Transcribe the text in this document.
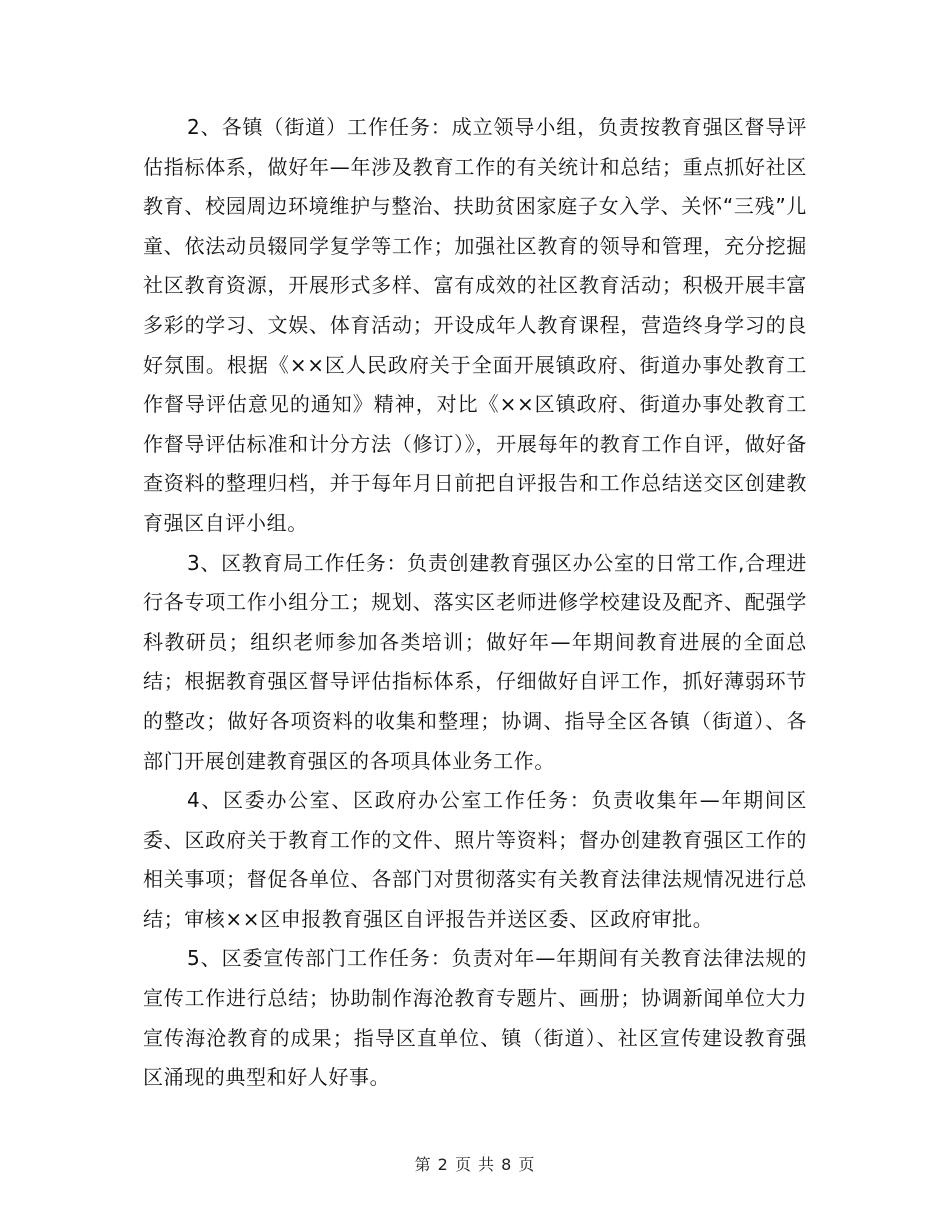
2、各镇（街道）工作任务：成立领导小组，负责按教育强区督导评估指标体系，做好年—年涉及教育工作的有关统计和总结；重点抓好社区教育、校园周边环境维护与整治、扶助贫困家庭子女入学、关怀“三残”儿童、依法动员辍同学复学等工作；加强社区教育的领导和管理，充分挖掘社区教育资源，开展形式多样、富有成效的社区教育活动；积极开展丰富多彩的学习、文娱、体育活动；开设成年人教育课程，营造终身学习的良好氛围。根据《××区人民政府关于全面开展镇政府、街道办事处教育工作督导评估意见的通知》精神，对比《××区镇政府、街道办事处教育工作督导评估标准和计分方法（修订）》，开展每年的教育工作自评，做好备查资料的整理归档，并于每年月日前把自评报告和工作总结送交区创建教育强区自评小组。

3、区教育局工作任务：负责创建教育强区办公室的日常工作,合理进行各专项工作小组分工；规划、落实区老师进修学校建设及配齐、配强学科教研员；组织老师参加各类培训；做好年—年期间教育进展的全面总结；根据教育强区督导评估指标体系，仔细做好自评工作，抓好薄弱环节的整改；做好各项资料的收集和整理；协调、指导全区各镇（街道）、各部门开展创建教育强区的各项具体业务工作。

4、区委办公室、区政府办公室工作任务：负责收集年—年期间区委、区政府关于教育工作的文件、照片等资料；督办创建教育强区工作的相关事项；督促各单位、各部门对贯彻落实有关教育法律法规情况进行总结；审核××区申报教育强区自评报告并送区委、区政府审批。

5、区委宣传部门工作任务：负责对年—年期间有关教育法律法规的宣传工作进行总结；协助制作海沧教育专题片、画册；协调新闻单位大力宣传海沧教育的成果；指导区直单位、镇（街道）、社区宣传建设教育强区涌现的典型和好人好事。

第 2 页 共 8 页
